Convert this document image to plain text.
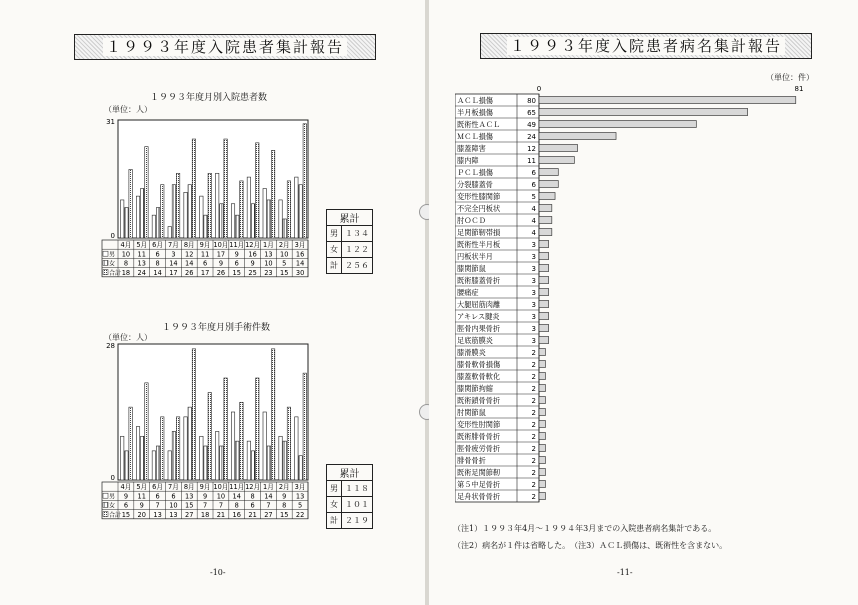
１９９３年度入院患者集計報告
１９９３年度月別入院患者数
（単位：人）
31
0
4月 5月 6月 7月 8月 9月 10月 11月 12月 1月 2月 3月
男 10 11 6 3 12 11 17 9 16 13 10 16
女 8 13 8 14 14 6 9 6 9 10 5 14
合計 18 24 14 17 26 17 26 15 25 23 15 30
累計	
男	１３４
女	１２２
計	２５６
１９９３年度月別手術件数
（単位：人）
28
0
4月 5月 6月 7月 8月 9月 10月 11月 12月 1月 2月 3月
男 9 11 6 6 13 9 10 14 8 14 9 13
女 6 9 7 10 15 7 7 8 6 7 8 5
合計 15 20 13 13 27 18 21 16 21 27 15 22
累計	
男	１１８
女	１０１
計	２１９
-10-
１９９３年度入院患者病名集計報告
（単位：件）
0	81
ＡＣＬ損傷	80
半月板損傷	65
既術性ＡＣＬ	49
ＭＣＬ損傷	24
膝蓋障害	12
膝内障	11
ＰＣＬ損傷	6
分裂膝蓋骨	6
変形性膝関節	5
不完全円板状	4
肘ＯＣＤ	4
足関節靭帯損	4
既術性半月板	3
円板状半月	3
膝関節鼠	3
既術膝蓋骨折	3
腰痛症	3
大腿屈筋肉離	3
アキレス腱炎	3
脛骨内果骨折	3
足底筋膜炎	3
膝滑膜炎	2
膝骨軟骨損傷	2
膝蓋軟骨軟化	2
膝関節拘縮	2
既術鎖骨骨折	2
肘関節鼠	2
変形性肘関節	2
既術腓骨骨折	2
脛骨疲労骨折	2
腓骨骨折	2
既術足関節靭	2
第５中足骨折	2
足舟状骨骨折	2
（注1）１９９３年4月～１９９４年3月までの入院患者病名集計である。
（注2）病名が１件は省略した。　（注3）ＡＣＬ損傷は、既術性を含まない。
-11-
